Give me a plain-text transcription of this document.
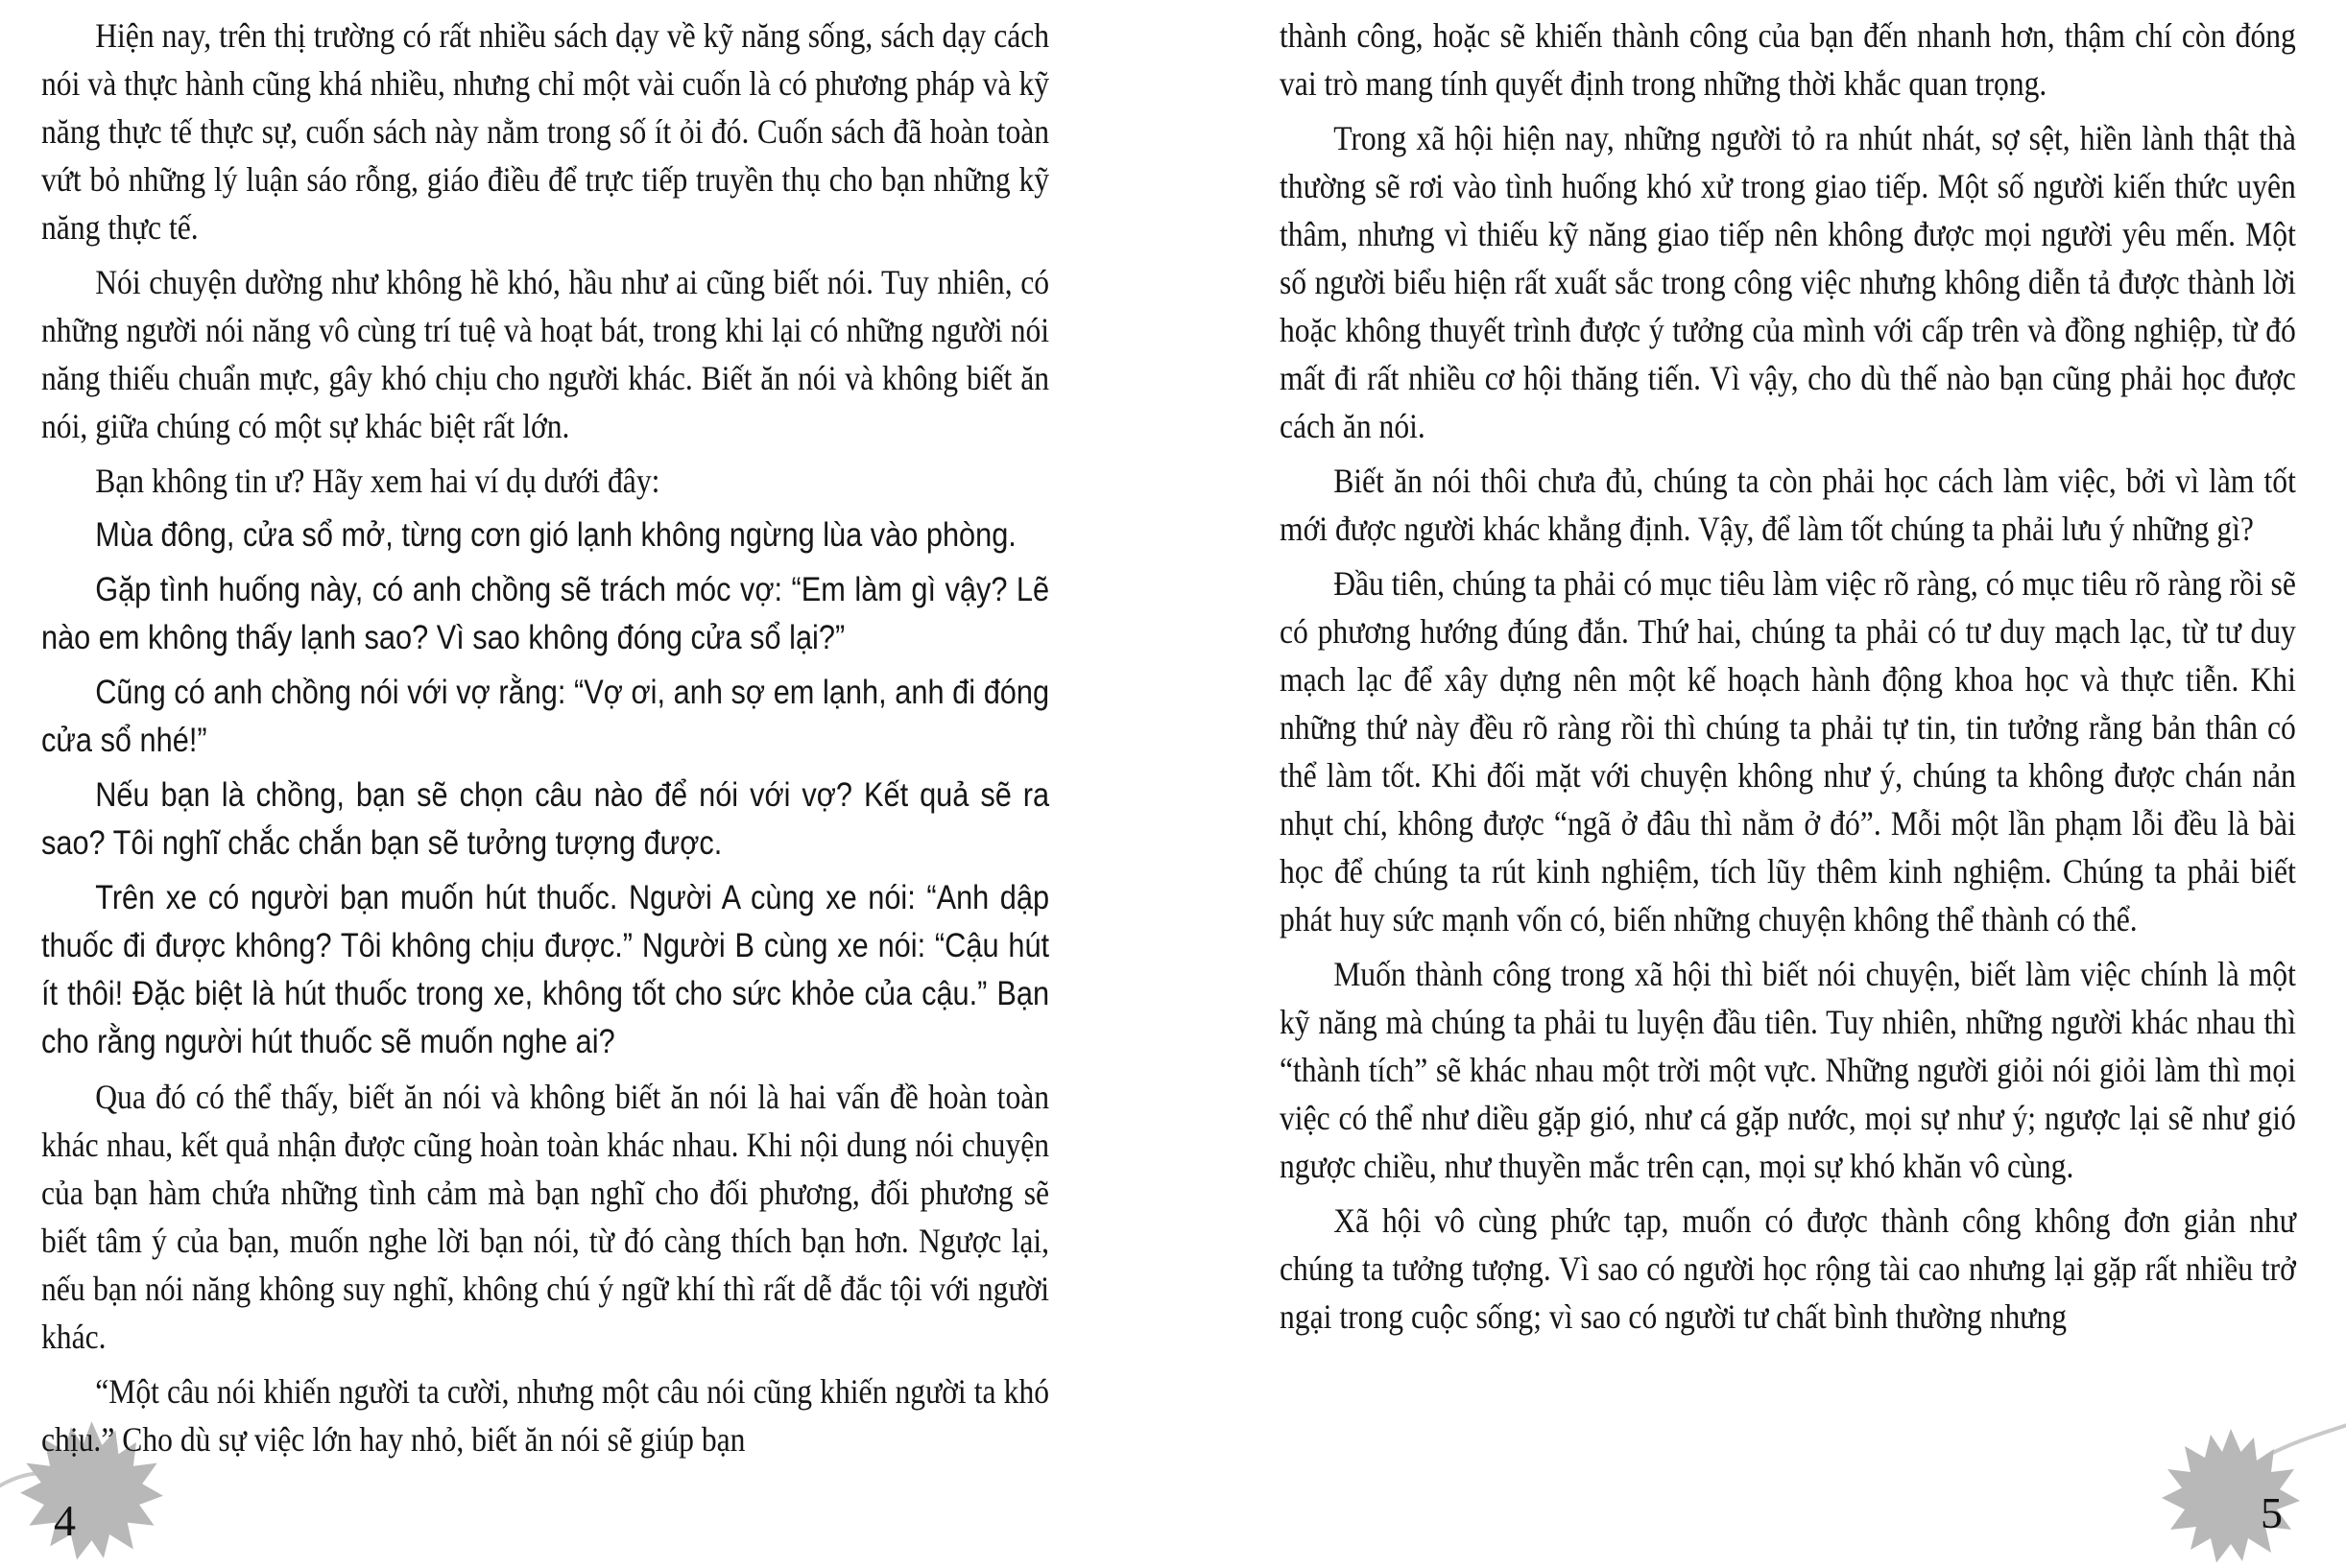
Hiện nay, trên thị trường có rất nhiều sách dạy về kỹ năng sống, sách dạy cách nói và thực hành cũng khá nhiều, nhưng chỉ một vài cuốn là có phương pháp và kỹ năng thực tế thực sự, cuốn sách này nằm trong số ít ỏi đó. Cuốn sách đã hoàn toàn vứt bỏ những lý luận sáo rỗng, giáo điều để trực tiếp truyền thụ cho bạn những kỹ năng thực tế.

Nói chuyện dường như không hề khó, hầu như ai cũng biết nói. Tuy nhiên, có những người nói năng vô cùng trí tuệ và hoạt bát, trong khi lại có những người nói năng thiếu chuẩn mực, gây khó chịu cho người khác. Biết ăn nói và không biết ăn nói, giữa chúng có một sự khác biệt rất lớn.

Bạn không tin ư? Hãy xem hai ví dụ dưới đây:

Mùa đông, cửa sổ mở, từng cơn gió lạnh không ngừng lùa vào phòng.

Gặp tình huống này, có anh chồng sẽ trách móc vợ: “Em làm gì vậy? Lẽ nào em không thấy lạnh sao? Vì sao không đóng cửa sổ lại?”

Cũng có anh chồng nói với vợ rằng: “Vợ ơi, anh sợ em lạnh, anh đi đóng cửa sổ nhé!”

Nếu bạn là chồng, bạn sẽ chọn câu nào để nói với vợ? Kết quả sẽ ra sao? Tôi nghĩ chắc chắn bạn sẽ tưởng tượng được.

Trên xe có người bạn muốn hút thuốc. Người A cùng xe nói: “Anh dập thuốc đi được không? Tôi không chịu được.” Người B cùng xe nói: “Cậu hút ít thôi! Đặc biệt là hút thuốc trong xe, không tốt cho sức khỏe của cậu.” Bạn cho rằng người hút thuốc sẽ muốn nghe ai?

Qua đó có thể thấy, biết ăn nói và không biết ăn nói là hai vấn đề hoàn toàn khác nhau, kết quả nhận được cũng hoàn toàn khác nhau. Khi nội dung nói chuyện của bạn hàm chứa những tình cảm mà bạn nghĩ cho đối phương, đối phương sẽ biết tâm ý của bạn, muốn nghe lời bạn nói, từ đó càng thích bạn hơn. Ngược lại, nếu bạn nói năng không suy nghĩ, không chú ý ngữ khí thì rất dễ đắc tội với người khác.

“Một câu nói khiến người ta cười, nhưng một câu nói cũng khiến người ta khó chịu.” Cho dù sự việc lớn hay nhỏ, biết ăn nói sẽ giúp bạn

thành công, hoặc sẽ khiến thành công của bạn đến nhanh hơn, thậm chí còn đóng vai trò mang tính quyết định trong những thời khắc quan trọng.

Trong xã hội hiện nay, những người tỏ ra nhút nhát, sợ sệt, hiền lành thật thà thường sẽ rơi vào tình huống khó xử trong giao tiếp. Một số người kiến thức uyên thâm, nhưng vì thiếu kỹ năng giao tiếp nên không được mọi người yêu mến. Một số người biểu hiện rất xuất sắc trong công việc nhưng không diễn tả được thành lời hoặc không thuyết trình được ý tưởng của mình với cấp trên và đồng nghiệp, từ đó mất đi rất nhiều cơ hội thăng tiến. Vì vậy, cho dù thế nào bạn cũng phải học được cách ăn nói.

Biết ăn nói thôi chưa đủ, chúng ta còn phải học cách làm việc, bởi vì làm tốt mới được người khác khẳng định. Vậy, để làm tốt chúng ta phải lưu ý những gì?

Đầu tiên, chúng ta phải có mục tiêu làm việc rõ ràng, có mục tiêu rõ ràng rồi sẽ có phương hướng đúng đắn. Thứ hai, chúng ta phải có tư duy mạch lạc, từ tư duy mạch lạc để xây dựng nên một kế hoạch hành động khoa học và thực tiễn. Khi những thứ này đều rõ ràng rồi thì chúng ta phải tự tin, tin tưởng rằng bản thân có thể làm tốt. Khi đối mặt với chuyện không như ý, chúng ta không được chán nản nhụt chí, không được “ngã ở đâu thì nằm ở đó”. Mỗi một lần phạm lỗi đều là bài học để chúng ta rút kinh nghiệm, tích lũy thêm kinh nghiệm. Chúng ta phải biết phát huy sức mạnh vốn có, biến những chuyện không thể thành có thể.

Muốn thành công trong xã hội thì biết nói chuyện, biết làm việc chính là một kỹ năng mà chúng ta phải tu luyện đầu tiên. Tuy nhiên, những người khác nhau thì “thành tích” sẽ khác nhau một trời một vực. Những người giỏi nói giỏi làm thì mọi việc có thể như diều gặp gió, như cá gặp nước, mọi sự như ý; ngược lại sẽ như gió ngược chiều, như thuyền mắc trên cạn, mọi sự khó khăn vô cùng.

Xã hội vô cùng phức tạp, muốn có được thành công không đơn giản như chúng ta tưởng tượng. Vì sao có người học rộng tài cao nhưng lại gặp rất nhiều trở ngại trong cuộc sống; vì sao có người tư chất bình thường nhưng

4	5
